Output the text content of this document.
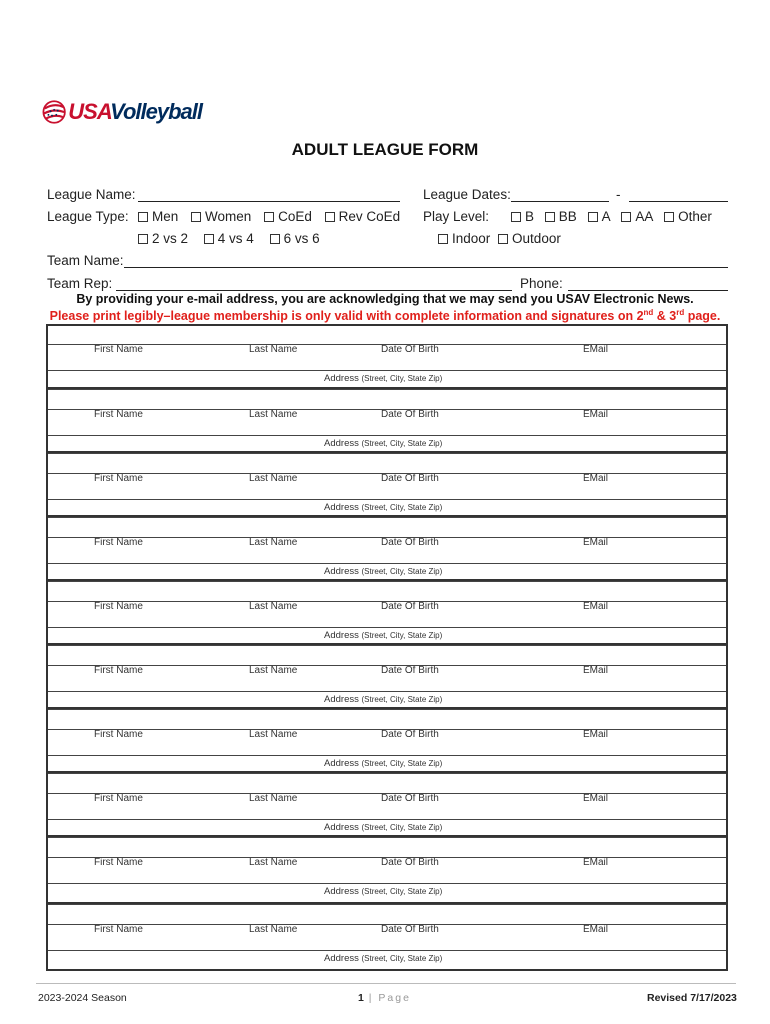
USAVolleyball
ADULT LEAGUE FORM
League Name:	League Dates:	-
League Type:	Men Women CoEd Rev CoEd	Play Level:	B BB A AA Other
2 vs 2 4 vs 4 6 vs 6	Indoor Outdoor
Team Name:
Team Rep:	Phone:
By providing your e-mail address, you are acknowledging that we may send you USAV Electronic News.
Please print legibly–league membership is only valid with complete information and signatures on 2nd & 3rd page.
First Name	Last Name	Date Of Birth	EMail
Address (Street, City, State Zip)
First Name	Last Name	Date Of Birth	EMail
Address (Street, City, State Zip)
First Name	Last Name	Date Of Birth	EMail
Address (Street, City, State Zip)
First Name	Last Name	Date Of Birth	EMail
Address (Street, City, State Zip)
First Name	Last Name	Date Of Birth	EMail
Address (Street, City, State Zip)
First Name	Last Name	Date Of Birth	EMail
Address (Street, City, State Zip)
First Name	Last Name	Date Of Birth	EMail
Address (Street, City, State Zip)
First Name	Last Name	Date Of Birth	EMail
Address (Street, City, State Zip)
First Name	Last Name	Date Of Birth	EMail
Address (Street, City, State Zip)
First Name	Last Name	Date Of Birth	EMail
Address (Street, City, State Zip)
2023-2024 Season	1 | Page	Revised 7/17/2023
